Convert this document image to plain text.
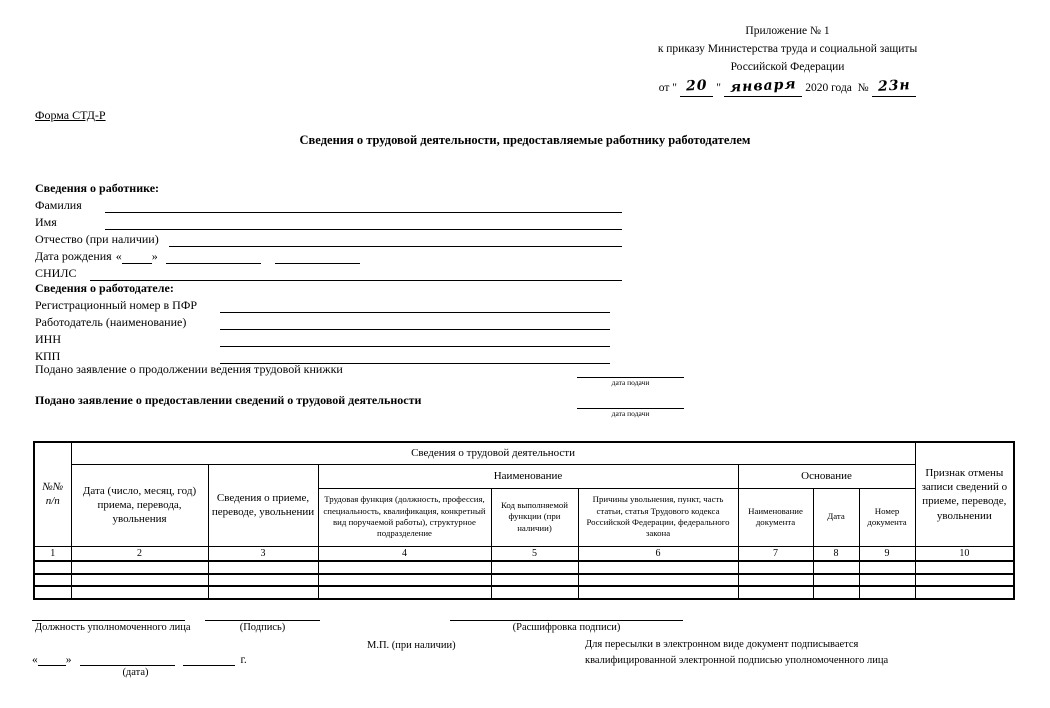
Приложение № 1
к приказу Министерства труда и социальной защиты
Российской Федерации
от " 20 " января 2020 года № 23н
Форма СТД-Р
Сведения о трудовой деятельности, предоставляемые работнику работодателем
Сведения о работнике:
Фамилия
Имя
Отчество (при наличии)
Дата рождения «	»
СНИЛС
Сведения о работодателе:
Регистрационный номер в ПФР
Работодатель (наименование)
ИНН
КПП
Подано заявление о продолжении ведения трудовой книжки
дата подачи
Подано заявление о предоставлении сведений о трудовой деятельности
дата подачи
№№ п/п	Сведения о трудовой деятельности								Признак отмены записи сведений о приеме, переводе, увольнении
	Дата (число, месяц, год) приема, перевода, увольнения	Сведения о приеме, переводе, увольнении	Наименование			Основание			
			Трудовая функция (должность, профессия, специальность, квалификация, конкретный вид поручаемой работы), структурное подразделение	Код выполняемой функции (при наличии)	Причины увольнения, пункт, часть статьи, статья Трудового кодекса Российской Федерации, федерального закона	Наименование документа	Дата	Номер документа	
1	2	3	4	5	6	7	8	9	10

Должность уполномоченного лица	(Подпись)	(Расшифровка подписи)
М.П. (при наличии)	Для пересылки в электронном виде документ подписывается
квалифицированной электронной подписью уполномоченного лица
« »	г.
(дата)
